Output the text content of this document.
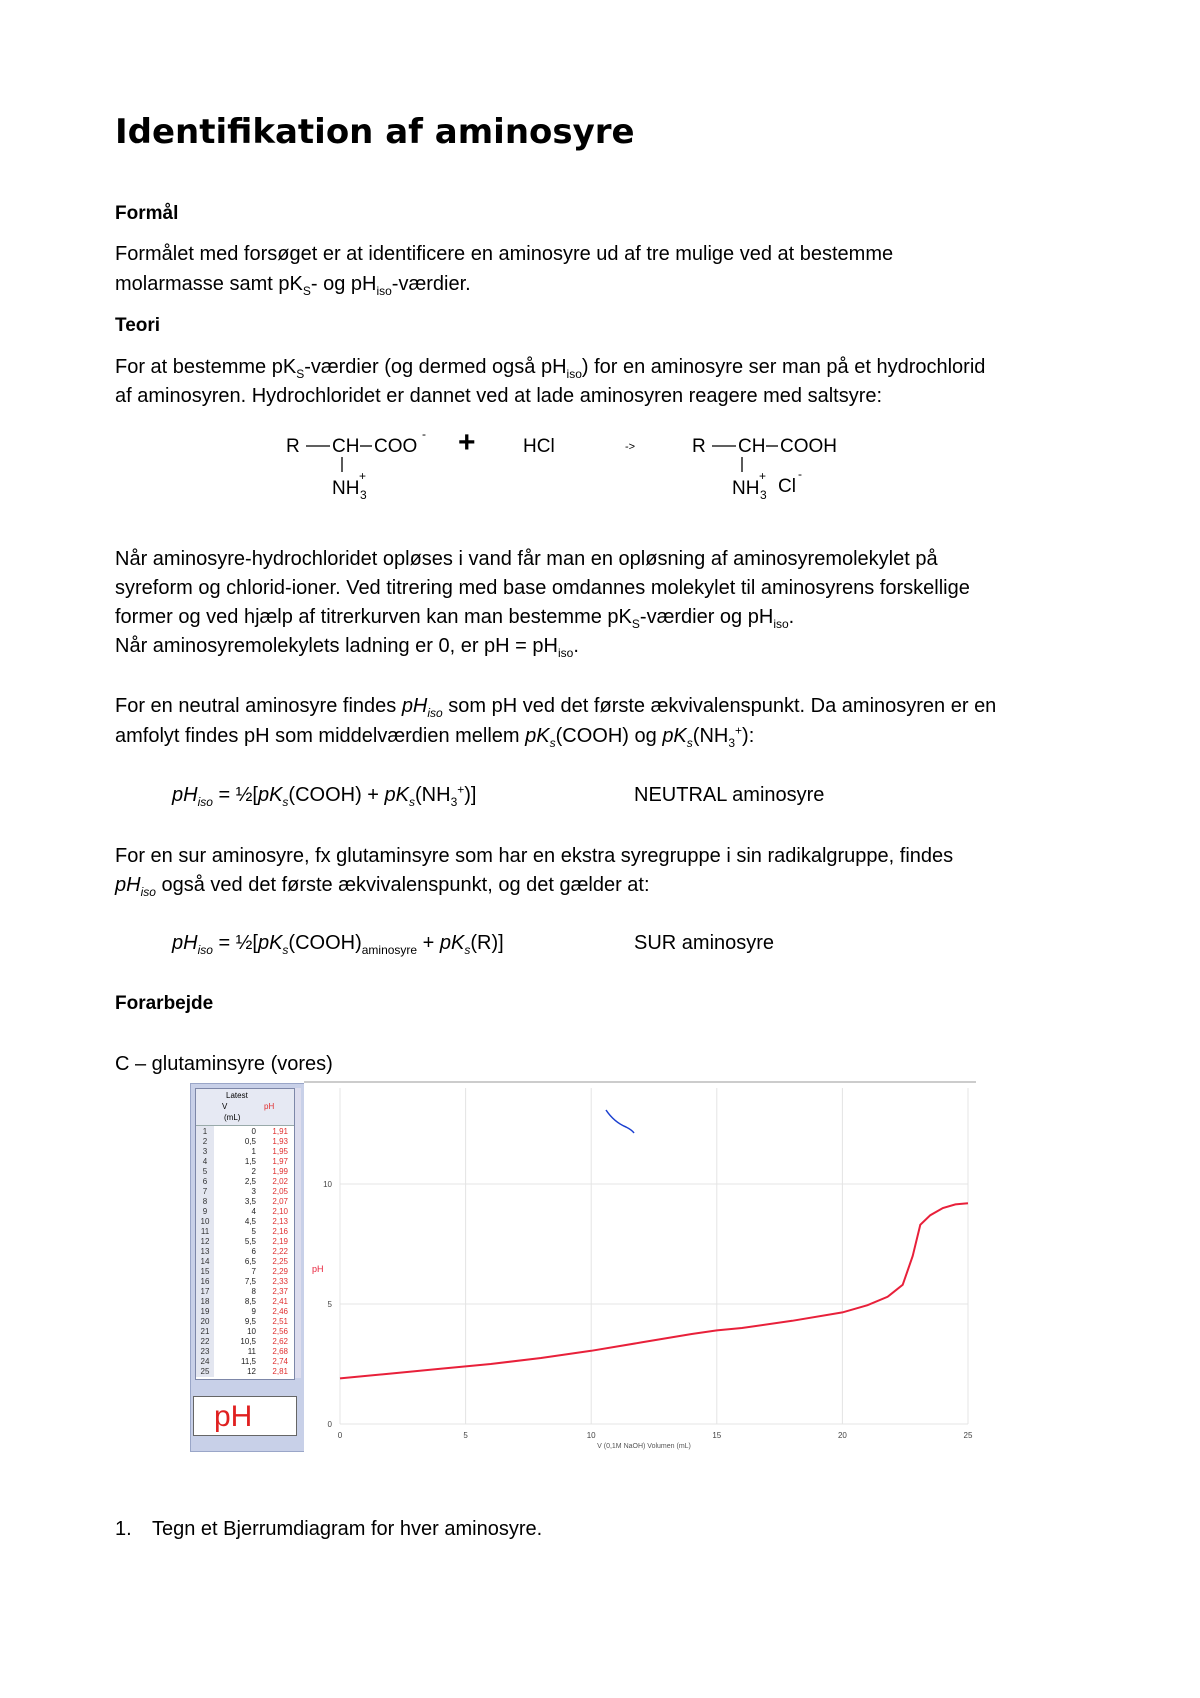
Identifikation af aminosyre
Formål
Formålet med forsøget er at identificere en aminosyre ud af tre mulige ved at bestemme
molarmasse samt $pK_S-$ og $pH_{iso}$-værdier.
Teori
For at bestemme $pK_S$-værdier (og dermed også $pH_{iso}$) for en aminosyre ser man på et hydrochlorid
af aminosyren. Hydrochloridet er dannet ved at lade aminosyren reagere med saltsyre:
R CH COO
-
NH 3
+
+ HCl	->	R CH COOH
NH 3
+ Cl
-
Når aminosyre-hydrochloridet opløses i vand får man en opløsning af aminosyremolekylet på
syreform og chlorid-ioner. Ved titrering med base omdannes molekylet til aminosyrens forskellige
former og ved hjælp af titrerkurven kan man bestemme $pK_S$-værdier og $pH_{iso}$.
Når aminosyremolekylets ladning er 0, er pH = $pH_{iso}$.
For en neutral aminosyre findes $pH_{iso}$ som pH ved det første ækvivalenspunkt. Da aminosyren er en
amfolyt findes pH som middelværdien mellem $pK_s(COOH)$ og $pK_s(NH_3^+)$:
$pH_{iso}$ = $\frac{1}{2}[pK_s(COOH) + pK_s(NH_3^+)]$	NEUTRAL aminosyre
For en sur aminosyre, fx glutaminsyre som har en ekstra syregruppe i sin radikalgruppe, findes
$pH_{iso}$ også ved det første ækvivalenspunkt, og det gælder at:
$pH_{iso}$ = $\frac{1}{2}[pK_s(COOH)_{aminosyre} + pK_s(R)]$	SUR aminosyre
Forarbejde
C – glutaminsyre (vores)
Latest
V	pH
(mL)
1	0	1,91
2	0,5	1,93
3	1	1,95
4	1,5	1,97
5	2	1,99
6	2,5	2,02
7	3	2,05
8	3,5	2,07
9	4	2,10
10	4,5	2,13
11	5	2,16
12	5,5	2,19
13	6	2,22
14	6,5	2,25
15	7	2,29
16	7,5	2,33
17	8	2,37
18	8,5	2,41
19	9	2,46
20	9,5	2,51
21	10	2,56
22	10,5	2,62
23	11	2,68
24	11,5	2,74
25	12	2,81
pH
0	5	10	15	20	25
0
5
10
V (0,1M NaOH) Volumen (mL)
pH
1. Tegn et Bjerrumdiagram for hver aminosyre.
